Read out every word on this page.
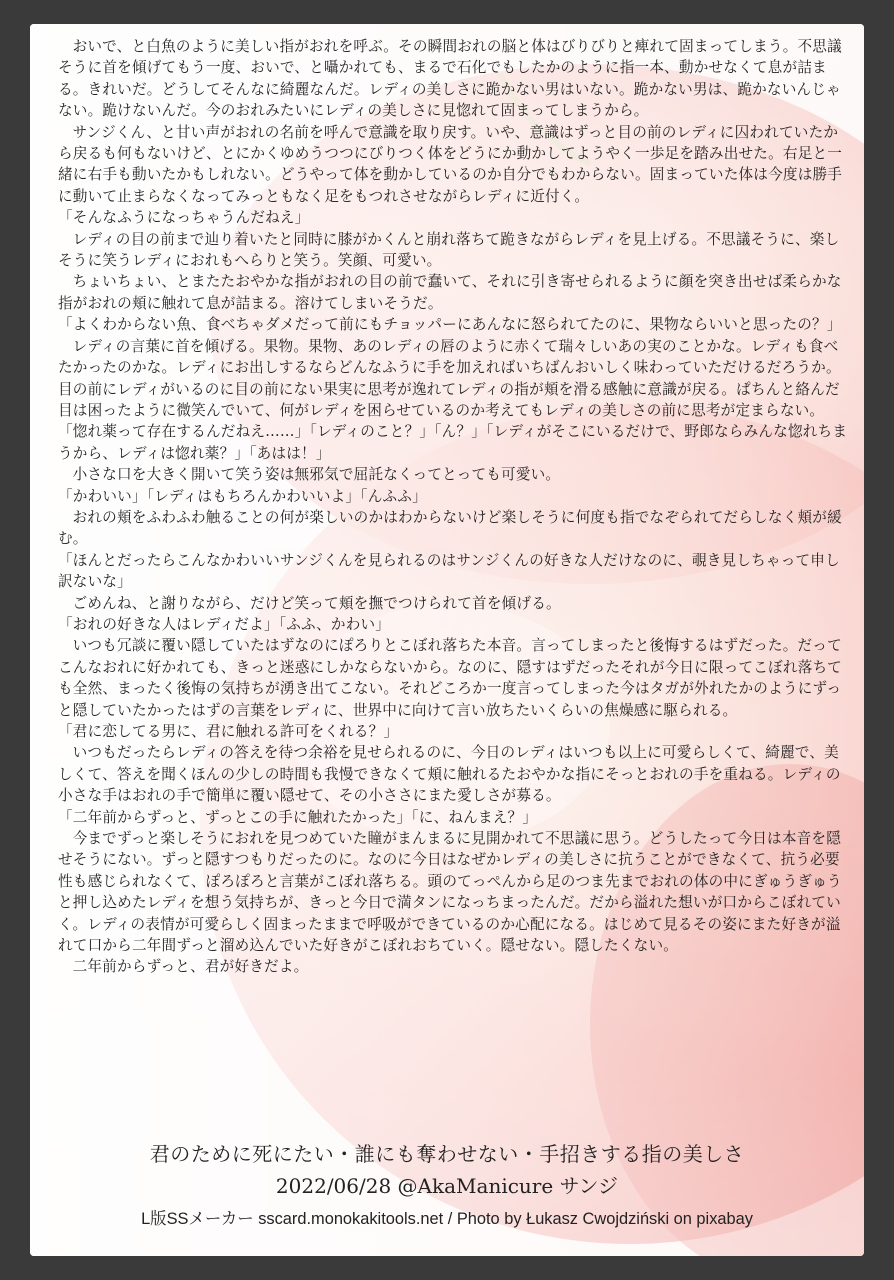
おいで、と白魚のように美しい指がおれを呼ぶ。その瞬間おれの脳と体はびりびりと痺れて固まってしまう。不思議そうに首を傾げてもう一度、おいで、と囁かれても、まるで石化でもしたかのように指一本、動かせなくて息が詰まる。きれいだ。どうしてそんなに綺麗なんだ。レディの美しさに跪かない男はいない。跪かない男は、跪かないんじゃない。跪けないんだ。今のおれみたいにレディの美しさに見惚れて固まってしまうから。

サンジくん、と甘い声がおれの名前を呼んで意識を取り戻す。いや、意識はずっと目の前のレディに囚われていたから戻るも何もないけど、とにかくゆめうつつにびりつく体をどうにか動かしてようやく一歩足を踏み出せた。右足と一緒に右手も動いたかもしれない。どうやって体を動かしているのか自分でもわからない。固まっていた体は今度は勝手に動いて止まらなくなってみっともなく足をもつれさせながらレディに近付く。

「そんなふうになっちゃうんだねえ」

レディの目の前まで辿り着いたと同時に膝がかくんと崩れ落ちて跪きながらレディを見上げる。不思議そうに、楽しそうに笑うレディにおれもへらりと笑う。笑顔、可愛い。

ちょいちょい、とまたたおやかな指がおれの目の前で蠢いて、それに引き寄せられるように顔を突き出せば柔らかな指がおれの頬に触れて息が詰まる。溶けてしまいそうだ。

「よくわからない魚、食べちゃダメだって前にもチョッパーにあんなに怒られてたのに、果物ならいいと思ったの？」

レディの言葉に首を傾げる。果物。果物、あのレディの唇のように赤くて瑞々しいあの実のことかな。レディも食べたかったのかな。レディにお出しするならどんなふうに手を加えればいちばんおいしく味わっていただけるだろうか。目の前にレディがいるのに目の前にない果実に思考が逸れてレディの指が頬を滑る感触に意識が戻る。ぱちんと絡んだ目は困ったように微笑んでいて、何がレディを困らせているのか考えてもレディの美しさの前に思考が定まらない。

「惚れ薬って存在するんだねえ……」「レディのこと？」「ん？」「レディがそこにいるだけで、野郎ならみんな惚れちまうから、レディは惚れ薬？」「あはは！」

小さな口を大きく開いて笑う姿は無邪気で屈託なくってとっても可愛い。

「かわいい」「レディはもちろんかわいいよ」「んふふ」

おれの頬をふわふわ触ることの何が楽しいのかはわからないけど楽しそうに何度も指でなぞられてだらしなく頬が緩む。

「ほんとだったらこんなかわいいサンジくんを見られるのはサンジくんの好きな人だけなのに、覗き見しちゃって申し訳ないな」

ごめんね、と謝りながら、だけど笑って頬を撫でつけられて首を傾げる。

「おれの好きな人はレディだよ」「ふふ、かわい」

いつも冗談に覆い隠していたはずなのにぽろりとこぼれ落ちた本音。言ってしまったと後悔するはずだった。だってこんなおれに好かれても、きっと迷惑にしかならないから。なのに、隠すはずだったそれが今日に限ってこぼれ落ちても全然、まったく後悔の気持ちが湧き出てこない。それどころか一度言ってしまった今はタガが外れたかのようにずっと隠していたかったはずの言葉をレディに、世界中に向けて言い放ちたいくらいの焦燥感に駆られる。

「君に恋してる男に、君に触れる許可をくれる？」

いつもだったらレディの答えを待つ余裕を見せられるのに、今日のレディはいつも以上に可愛らしくて、綺麗で、美しくて、答えを聞くほんの少しの時間も我慢できなくて頬に触れるたおやかな指にそっとおれの手を重ねる。レディの小さな手はおれの手で簡単に覆い隠せて、その小ささにまた愛しさが募る。

「二年前からずっと、ずっとこの手に触れたかった」「に、ねんまえ？」

今までずっと楽しそうにおれを見つめていた瞳がまんまるに見開かれて不思議に思う。どうしたって今日は本音を隠せそうにない。ずっと隠すつもりだったのに。なのに今日はなぜかレディの美しさに抗うことができなくて、抗う必要性も感じられなくて、ぽろぽろと言葉がこぼれ落ちる。頭のてっぺんから足のつま先までおれの体の中にぎゅうぎゅうと押し込めたレディを想う気持ちが、きっと今日で満タンになっちまったんだ。だから溢れた想いが口からこぼれていく。レディの表情が可愛らしく固まったままで呼吸ができているのか心配になる。はじめて見るその姿にまた好きが溢れて口から二年間ずっと溜め込んでいた好きがこぼれおちていく。隠せない。隠したくない。

二年前からずっと、君が好きだよ。

君のために死にたい・誰にも奪わせない・手招きする指の美しさ
2022/06/28 @AkaManicure サンジ
L版SSメーカー sscard.monokakitools.net / Photo by Łukasz Cwojdziński on pixabay
